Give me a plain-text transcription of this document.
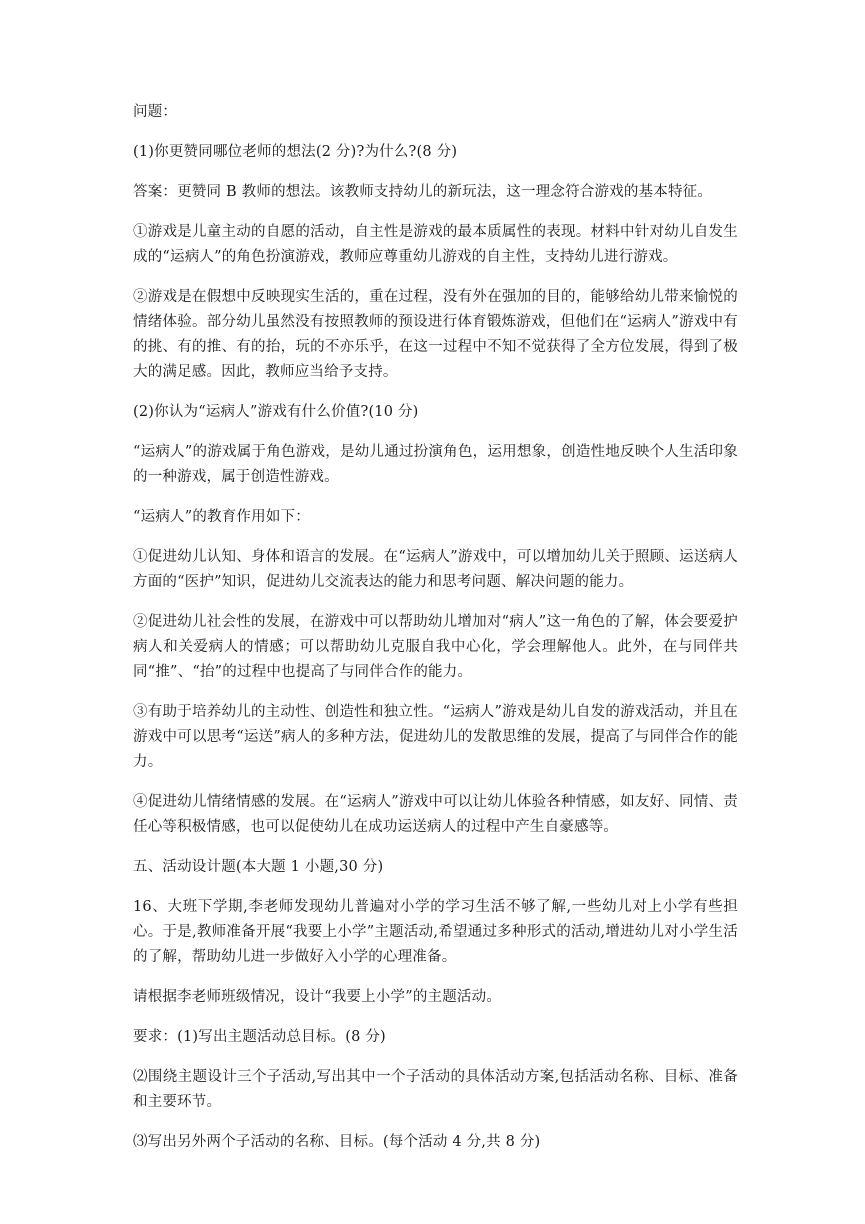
问题：

(1)你更赞同哪位老师的想法(2 分)?为什么?(8 分)

答案：更赞同 B 教师的想法。该教师支持幼儿的新玩法，这一理念符合游戏的基本特征。

①游戏是儿童主动的自愿的活动，自主性是游戏的最本质属性的表现。材料中针对幼儿自发生成的“运病人”的角色扮演游戏，教师应尊重幼儿游戏的自主性，支持幼儿进行游戏。

②游戏是在假想中反映现实生活的，重在过程，没有外在强加的目的，能够给幼儿带来愉悦的情绪体验。部分幼儿虽然没有按照教师的预设进行体育锻炼游戏，但他们在“运病人”游戏中有的挑、有的推、有的抬，玩的不亦乐乎，在这一过程中不知不觉获得了全方位发展，得到了极大的满足感。因此，教师应当给予支持。

(2)你认为“运病人”游戏有什么价值?(10 分)

“运病人”的游戏属于角色游戏，是幼儿通过扮演角色，运用想象，创造性地反映个人生活印象的一种游戏，属于创造性游戏。

“运病人”的教育作用如下：

①促进幼儿认知、身体和语言的发展。在“运病人”游戏中，可以增加幼儿关于照顾、运送病人方面的“医护”知识，促进幼儿交流表达的能力和思考问题、解决问题的能力。

②促进幼儿社会性的发展，在游戏中可以帮助幼儿增加对“病人”这一角色的了解，体会要爱护病人和关爱病人的情感；可以帮助幼儿克服自我中心化，学会理解他人。此外，在与同伴共同“推”、“抬”的过程中也提高了与同伴合作的能力。

③有助于培养幼儿的主动性、创造性和独立性。“运病人”游戏是幼儿自发的游戏活动，并且在游戏中可以思考“运送”病人的多种方法，促进幼儿的发散思维的发展，提高了与同伴合作的能力。

④促进幼儿情绪情感的发展。在“运病人”游戏中可以让幼儿体验各种情感，如友好、同情、责任心等积极情感，也可以促使幼儿在成功运送病人的过程中产生自豪感等。

五、活动设计题(本大题 1 小题,30 分)

16、大班下学期,李老师发现幼儿普遍对小学的学习生活不够了解,一些幼儿对上小学有些担心。于是,教师准备开展“我要上小学”主题活动,希望通过多种形式的活动,增进幼儿对小学生活的了解，帮助幼儿进一步做好入小学的心理准备。

请根据李老师班级情况，设计“我要上小学”的主题活动。

要求：(1)写出主题活动总目标。(8 分)

⑵围绕主题设计三个子活动,写出其中一个子活动的具体活动方案,包括活动名称、目标、准备和主要环节。

⑶写出另外两个子活动的名称、目标。(每个活动 4 分,共 8 分)
